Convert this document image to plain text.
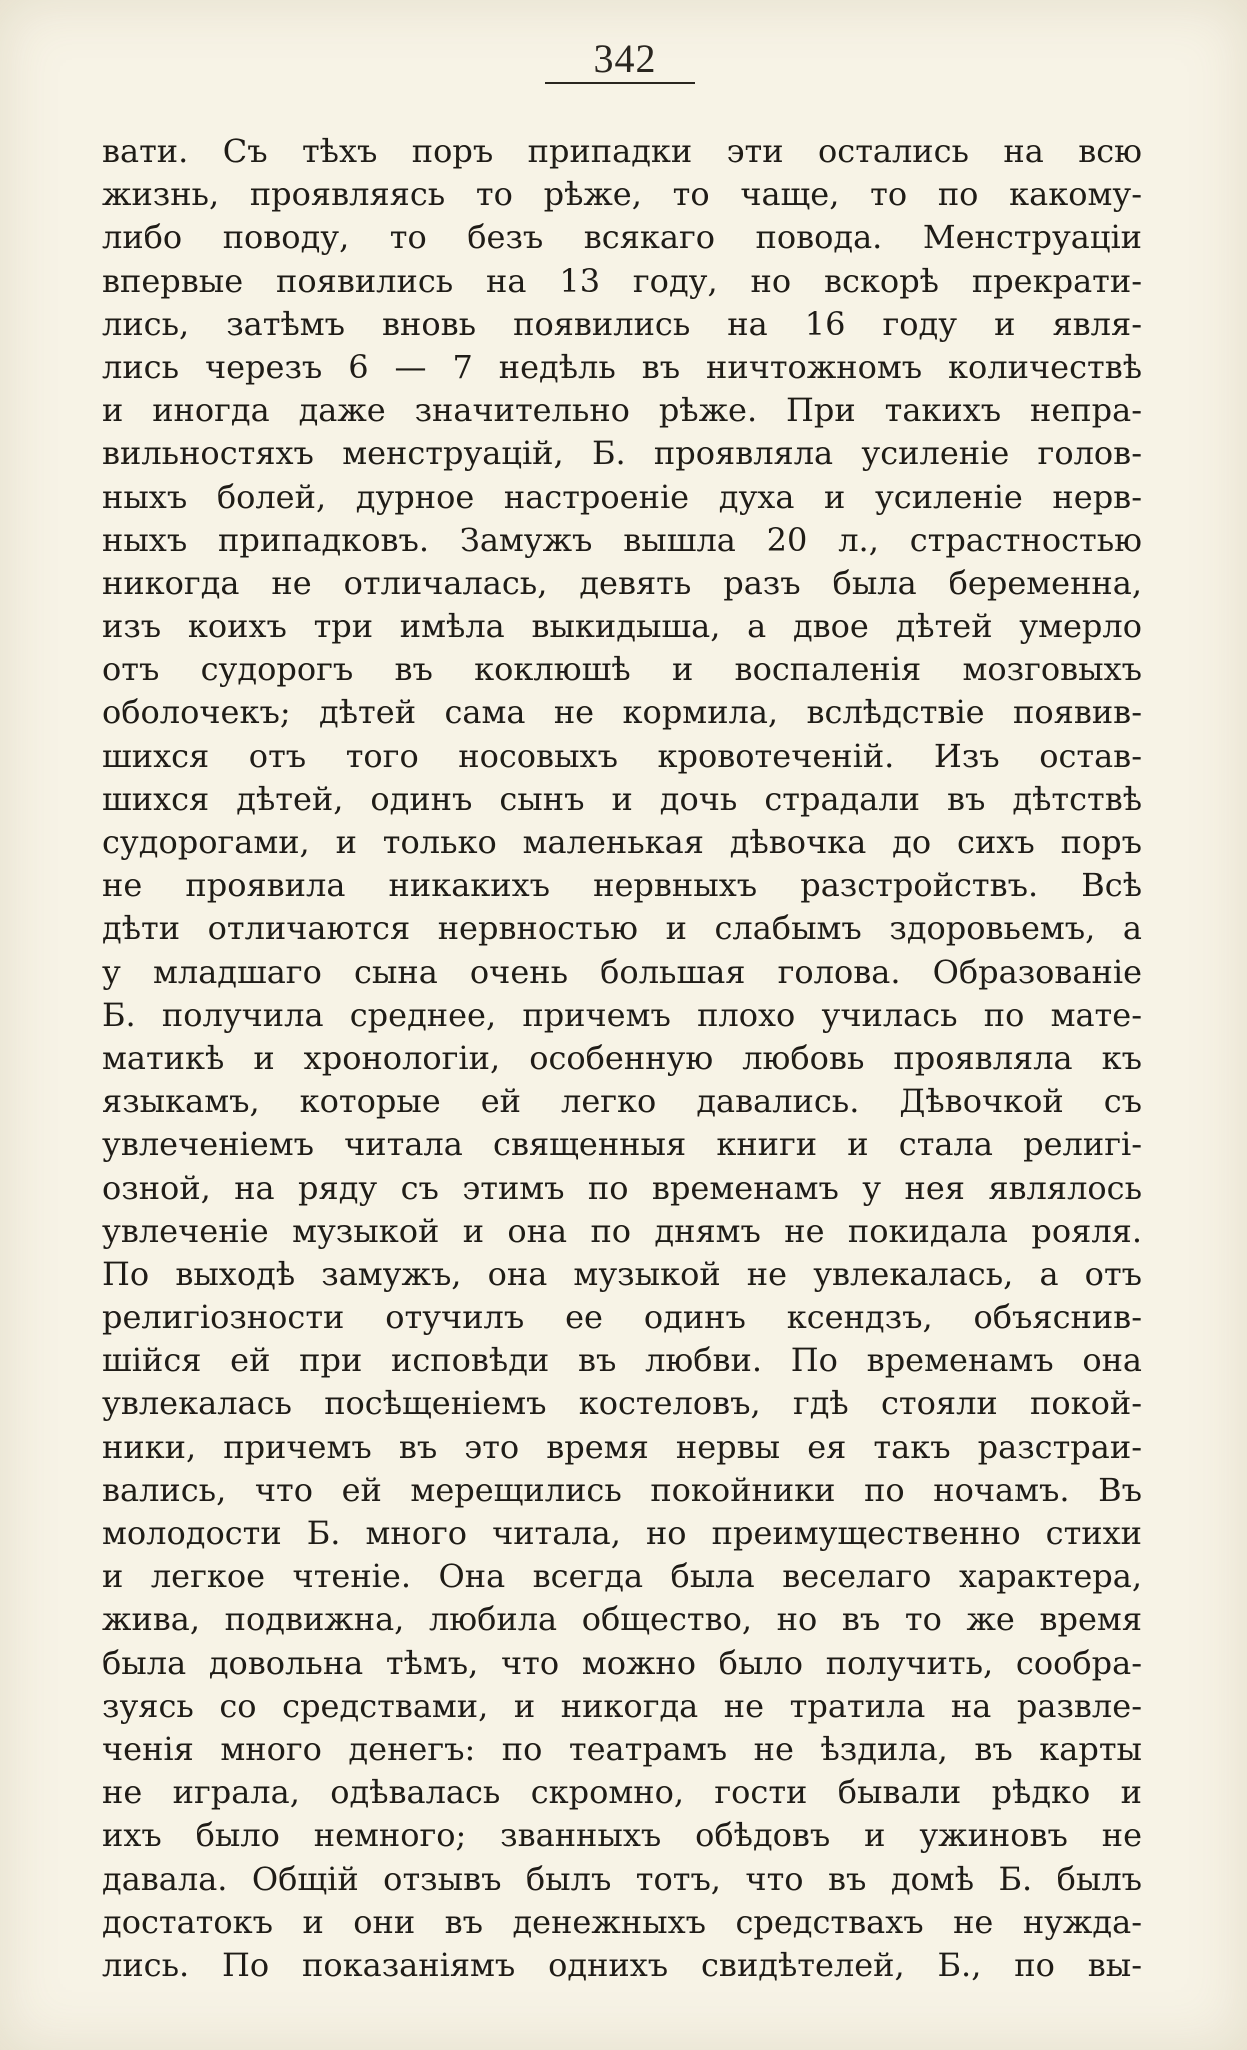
342
вати. Съ тѣхъ поръ припадки эти остались на всю
жизнь, проявляясь то рѣже, то чаще, то по какому-
либо поводу, то безъ всякаго повода. Менструаціи
впервые появились на 13 году, но вскорѣ прекрати-
лись, затѣмъ вновь появились на 16 году и явля-
лись черезъ 6 — 7 недѣль въ ничтожномъ количествѣ
и иногда даже значительно рѣже. При такихъ непра-
вильностяхъ менструацій, Б. проявляла усиленіе голов-
ныхъ болей, дурное настроеніе духа и усиленіе нерв-
ныхъ припадковъ. Замужъ вышла 20 л., страстностью
никогда не отличалась, девять разъ была беременна,
изъ коихъ три имѣла выкидыша, а двое дѣтей умерло
отъ судорогъ въ коклюшѣ и воспаленія мозговыхъ
оболочекъ; дѣтей сама не кормила, вслѣдствіе появив-
шихся отъ того носовыхъ кровотеченій. Изъ остав-
шихся дѣтей, одинъ сынъ и дочь страдали въ дѣтствѣ
судорогами, и только маленькая дѣвочка до сихъ поръ
не проявила никакихъ нервныхъ разстройствъ. Всѣ
дѣти отличаются нервностью и слабымъ здоровьемъ, а
у младшаго сына очень большая голова. Образованіе
Б. получила среднее, причемъ плохо училась по мате-
матикѣ и хронологіи, особенную любовь проявляла къ
языкамъ, которые ей легко давались. Дѣвочкой съ
увлеченіемъ читала священныя книги и стала религі-
озной, на ряду съ этимъ по временамъ у нея являлось
увлеченіе музыкой и она по днямъ не покидала рояля.
По выходѣ замужъ, она музыкой не увлекалась, а отъ
религіозности отучилъ ее одинъ ксендзъ, объяснив-
шійся ей при исповѣди въ любви. По временамъ она
увлекалась посѣщеніемъ костеловъ, гдѣ стояли покой-
ники, причемъ въ это время нервы ея такъ разстраи-
вались, что ей мерещились покойники по ночамъ. Въ
молодости Б. много читала, но преимущественно стихи
и легкое чтеніе. Она всегда была веселаго характера,
жива, подвижна, любила общество, но въ то же время
была довольна тѣмъ, что можно было получить, сообра-
зуясь со средствами, и никогда не тратила на развле-
ченія много денегъ: по театрамъ не ѣздила, въ карты
не играла, одѣвалась скромно, гости бывали рѣдко и
ихъ было немного; званныхъ обѣдовъ и ужиновъ не
давала. Общій отзывъ былъ тотъ, что въ домѣ Б. былъ
достатокъ и они въ денежныхъ средствахъ не нужда-
лись. По показаніямъ однихъ свидѣтелей, Б., по вы-
